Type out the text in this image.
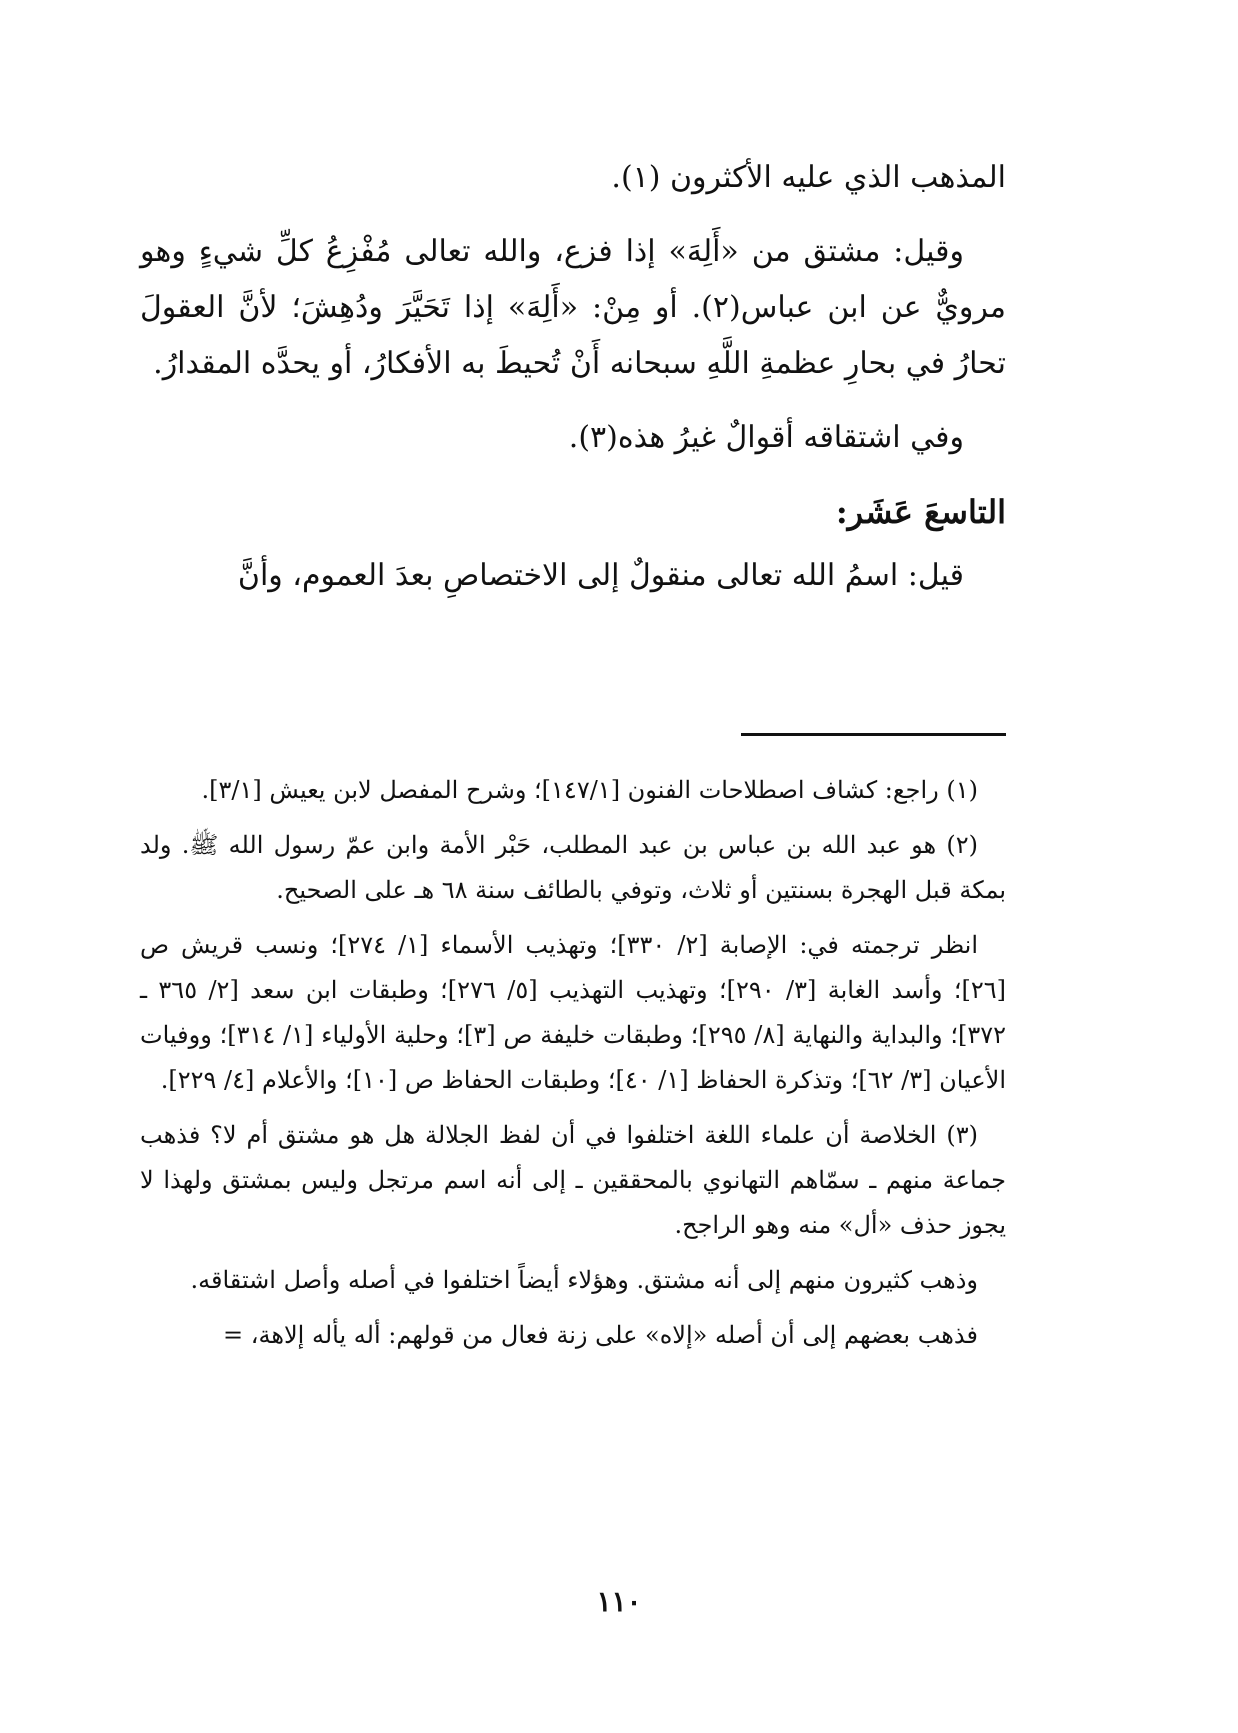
المذهب الذي عليه الأكثرون (١).

وقيل: مشتق من «أَلِهَ» إذا فزع، والله تعالى مُفْزِعُ كلِّ شيءٍ وهو مرويٌّ عن ابن عباس(٢). أو مِنْ: «أَلِهَ» إذا تَحَيَّرَ ودُهِشَ؛ لأنَّ العقولَ تحارُ في بحارِ عظمةِ اللَّهِ سبحانه أَنْ تُحيطَ به الأفكارُ، أو يحدَّه المقدارُ.

وفي اشتقاقه أقوالٌ غيرُ هذه(٣).

التاسعَ عَشَر:

قيل: اسمُ الله تعالى منقولٌ إلى الاختصاصِ بعدَ العموم، وأنَّ

(١) راجع: كشاف اصطلاحات الفنون [١٤٧/١]؛ وشرح المفصل لابن يعيش [٣/١].

(٢) هو عبد الله بن عباس بن عبد المطلب، حَبْر الأمة وابن عمّ رسول الله ﷺ. ولد بمكة قبل الهجرة بسنتين أو ثلاث، وتوفي بالطائف سنة ٦٨ هـ على الصحيح.

انظر ترجمته في: الإصابة [٢/ ٣٣٠]؛ وتهذيب الأسماء [١/ ٢٧٤]؛ ونسب قريش ص [٢٦]؛ وأسد الغابة [٣/ ٢٩٠]؛ وتهذيب التهذيب [٥/ ٢٧٦]؛ وطبقات ابن سعد [٢/ ٣٦٥ ـ ٣٧٢]؛ والبداية والنهاية [٨/ ٢٩٥]؛ وطبقات خليفة ص [٣]؛ وحلية الأولياء [١/ ٣١٤]؛ ووفيات الأعيان [٣/ ٦٢]؛ وتذكرة الحفاظ [١/ ٤٠]؛ وطبقات الحفاظ ص [١٠]؛ والأعلام [٤/ ٢٢٩].

(٣) الخلاصة أن علماء اللغة اختلفوا في أن لفظ الجلالة هل هو مشتق أم لا؟ فذهب جماعة منهم ـ سمّاهم التهانوي بالمحققين ـ إلى أنه اسم مرتجل وليس بمشتق ولهذا لا يجوز حذف «أل» منه وهو الراجح.

وذهب كثيرون منهم إلى أنه مشتق. وهؤلاء أيضاً اختلفوا في أصله وأصل اشتقاقه.

فذهب بعضهم إلى أن أصله «إلاه» على زنة فعال من قولهم: أله يأله إلاهة، =

١١٠
